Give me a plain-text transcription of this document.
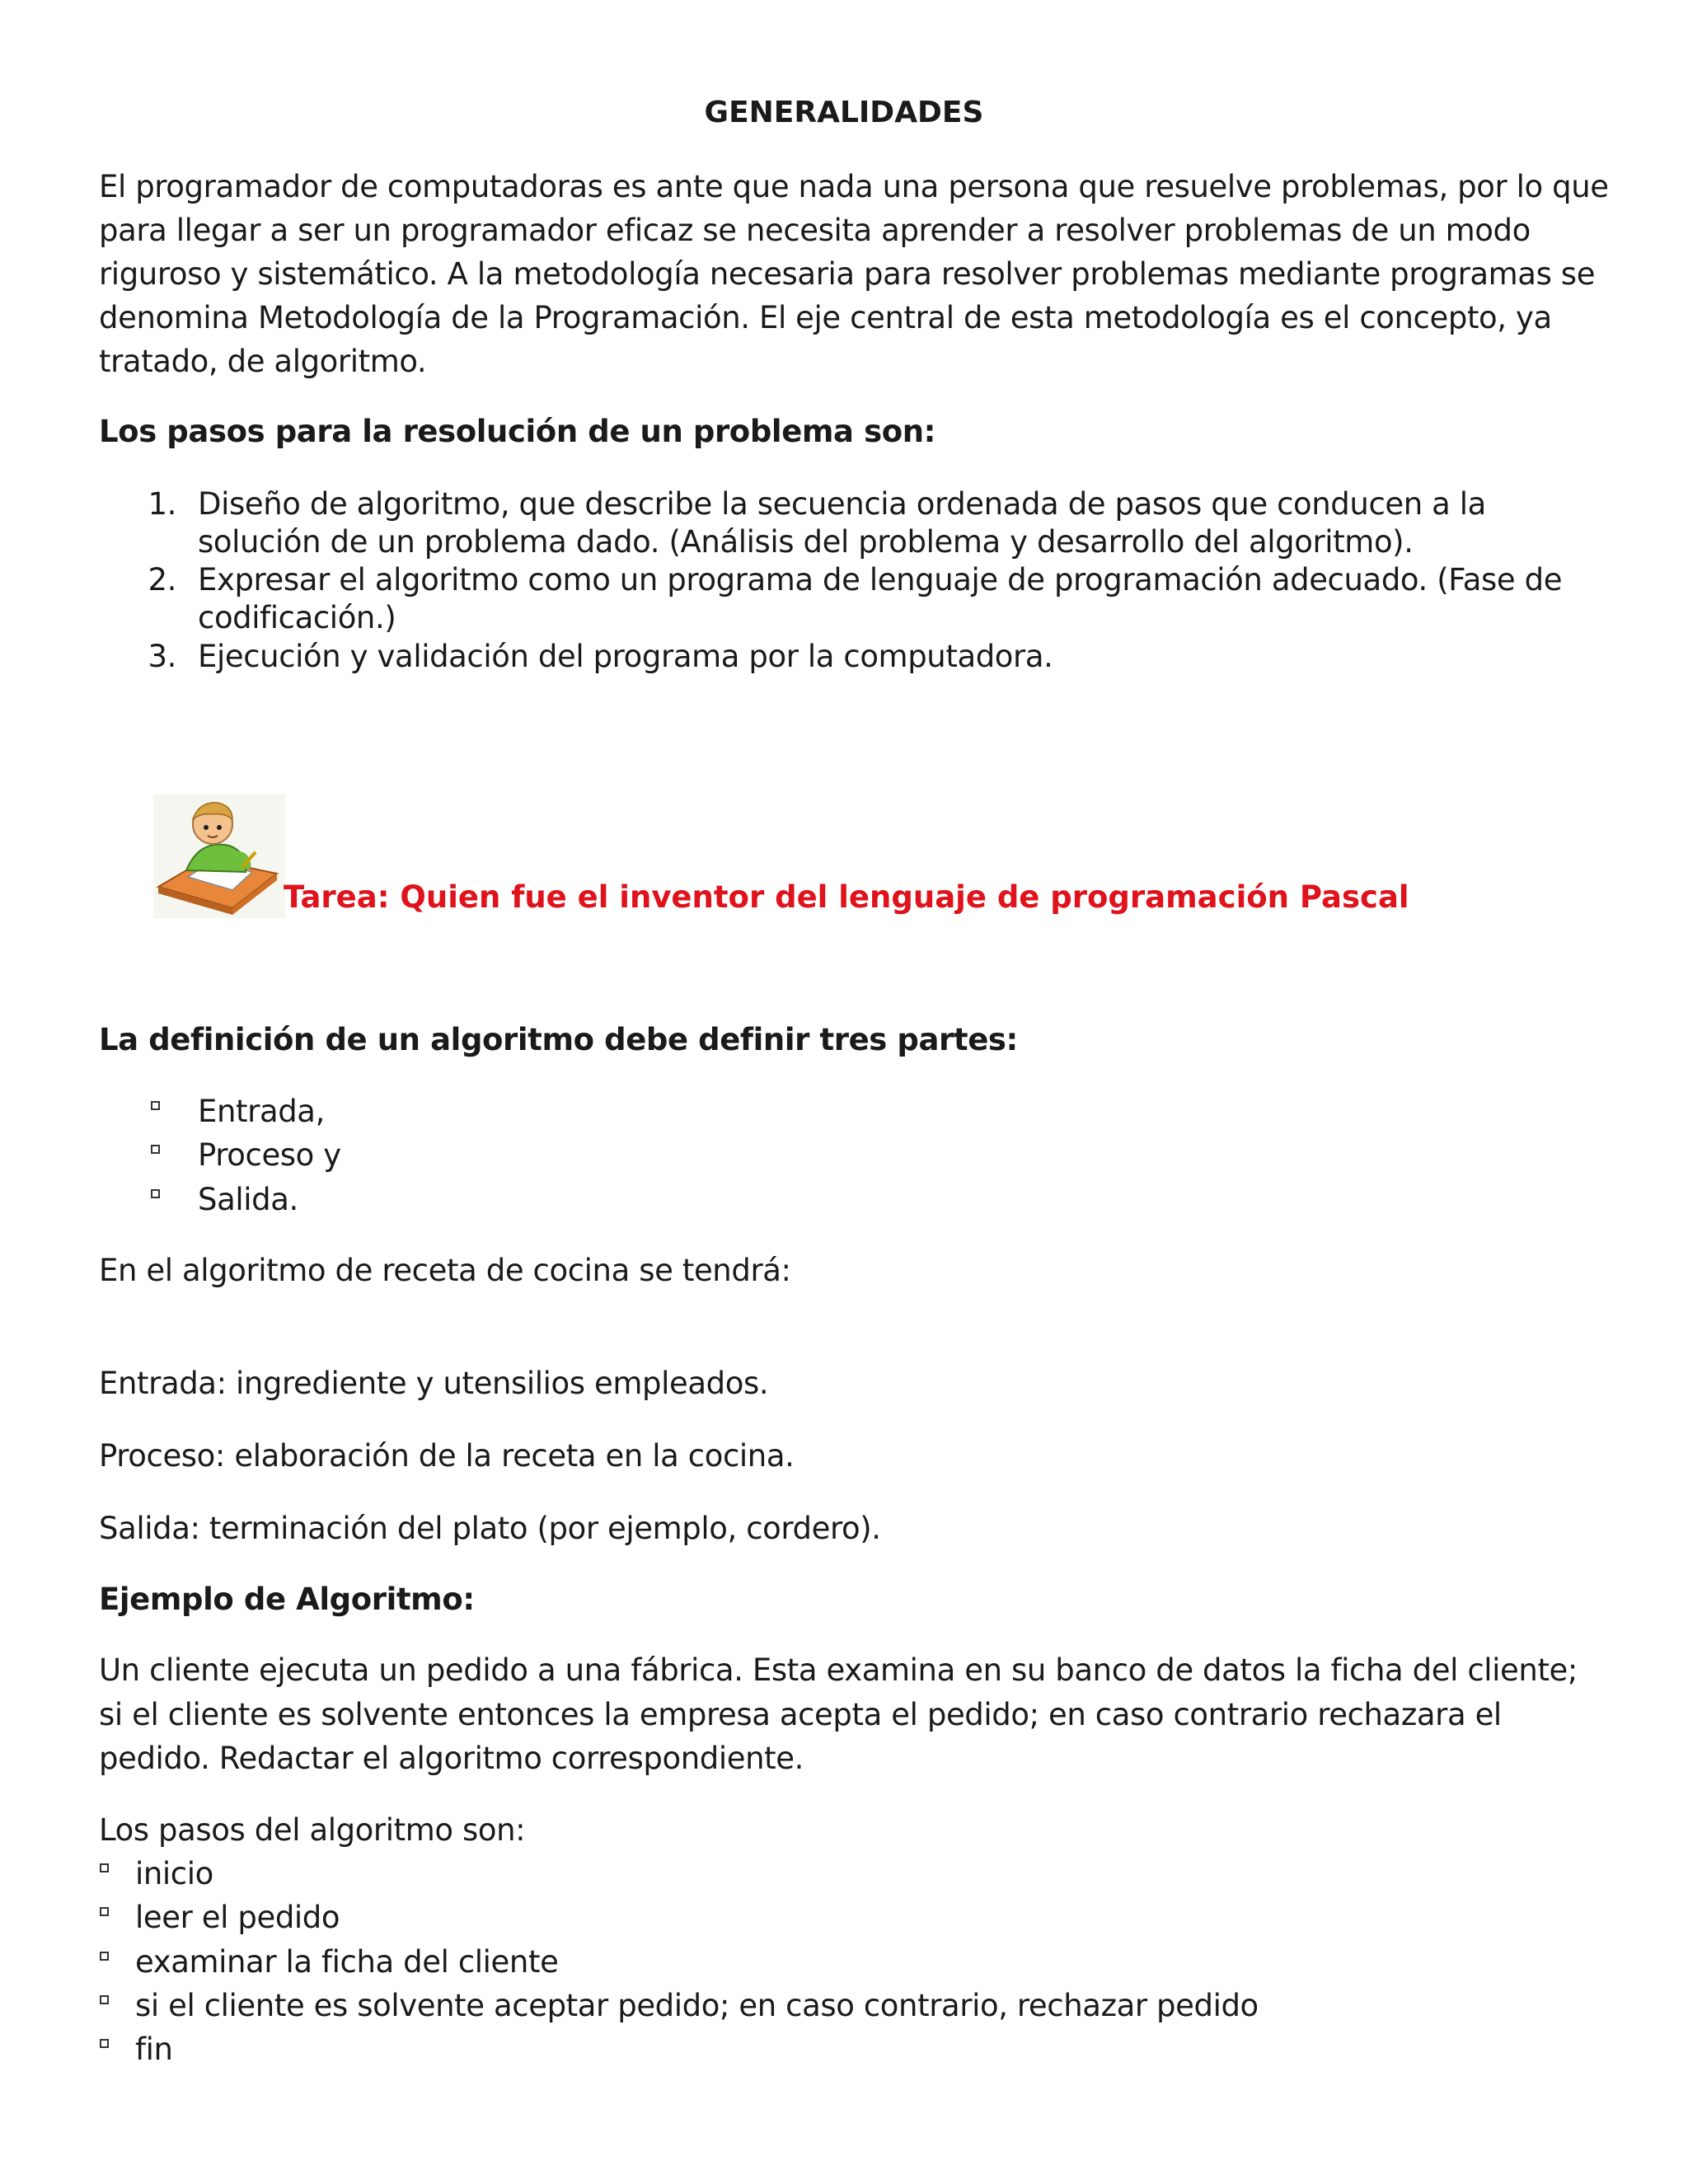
GENERALIDADES
El programador de computadoras es ante que nada una persona que resuelve problemas, por lo que
para llegar a ser un programador eficaz se necesita aprender a resolver problemas de un modo
riguroso y sistemático. A la metodología necesaria para resolver problemas mediante programas se
denomina Metodología de la Programación. El eje central de esta metodología es el concepto, ya
tratado, de algoritmo.
Los pasos para la resolución de un problema son:
1. Diseño de algoritmo, que describe la secuencia ordenada de pasos que conducen a la
solución de un problema dado. (Análisis del problema y desarrollo del algoritmo).
2. Expresar el algoritmo como un programa de lenguaje de programación adecuado. (Fase de
codificación.)
3. Ejecución y validación del programa por la computadora.
Tarea: Quien fue el inventor del lenguaje de programación Pascal
La definición de un algoritmo debe definir tres partes:
Entrada,
Proceso y
Salida.
En el algoritmo de receta de cocina se tendrá:
Entrada: ingrediente y utensilios empleados.
Proceso: elaboración de la receta en la cocina.
Salida: terminación del plato (por ejemplo, cordero).
Ejemplo de Algoritmo:
Un cliente ejecuta un pedido a una fábrica. Esta examina en su banco de datos la ficha del cliente;
si el cliente es solvente entonces la empresa acepta el pedido; en caso contrario rechazara el
pedido. Redactar el algoritmo correspondiente.
Los pasos del algoritmo son:
inicio
leer el pedido
examinar la ficha del cliente
si el cliente es solvente aceptar pedido; en caso contrario, rechazar pedido
fin
